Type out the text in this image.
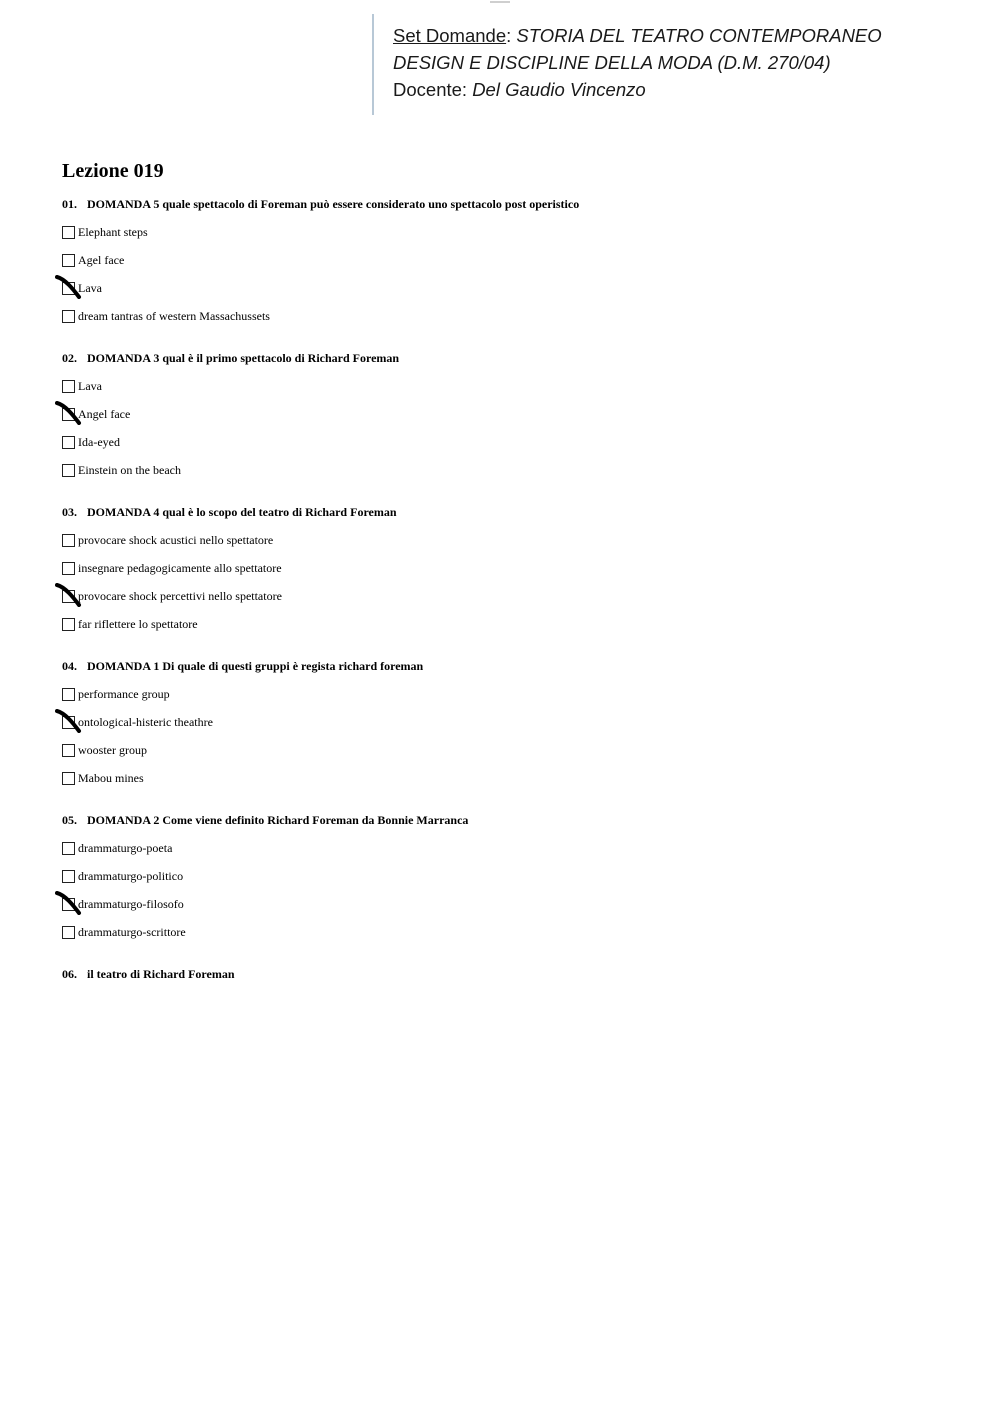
Set Domande: STORIA DEL TEATRO CONTEMPORANEO
DESIGN E DISCIPLINE DELLA MODA (D.M. 270/04)
Docente: Del Gaudio Vincenzo
Lezione 019
01. DOMANDA 5 quale spettacolo di Foreman può essere considerato uno spettacolo post operistico
Elephant steps
Agel face
Lava
dream tantras of western Massachussets
02. DOMANDA 3 qual è il primo spettacolo di Richard Foreman
Lava
Angel face
Ida-eyed
Einstein on the beach
03. DOMANDA 4 qual è lo scopo del teatro di Richard Foreman
provocare shock acustici nello spettatore
insegnare pedagogicamente allo spettatore
provocare shock percettivi nello spettatore
far riflettere lo spettatore
04. DOMANDA 1 Di quale di questi gruppi è regista richard foreman
performance group
ontological-histeric theathre
wooster group
Mabou mines
05. DOMANDA 2 Come viene definito Richard Foreman da Bonnie Marranca
drammaturgo-poeta
drammaturgo-politico
drammaturgo-filosofo
drammaturgo-scrittore
06. il teatro di Richard Foreman
